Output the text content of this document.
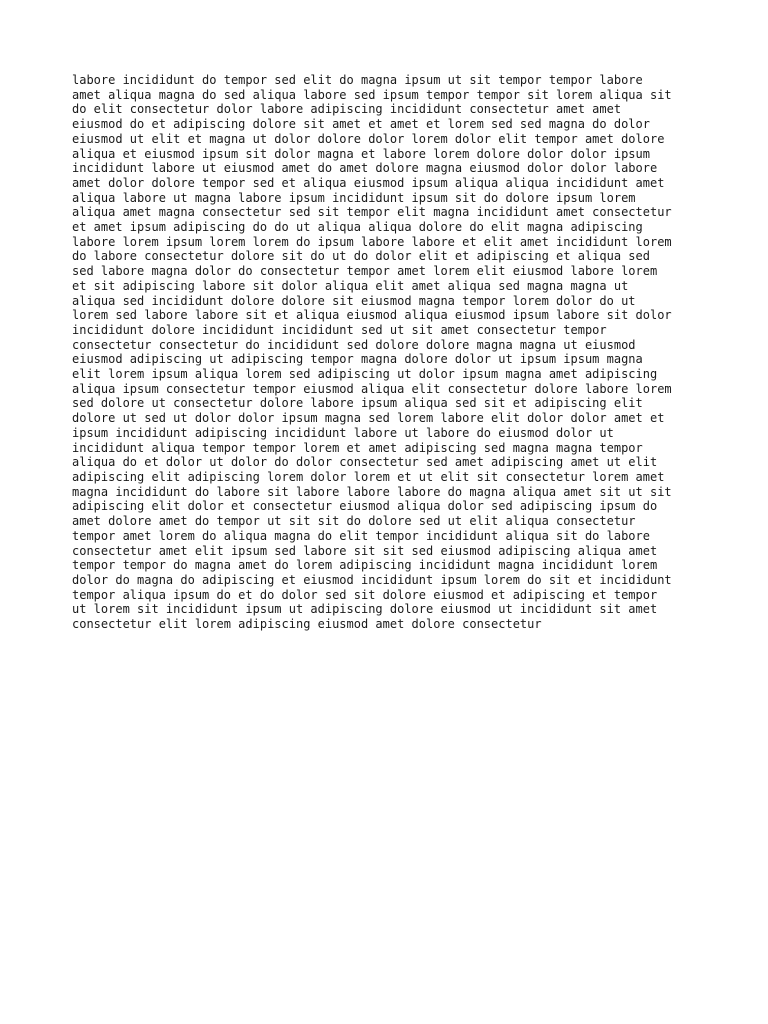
labore incididunt do tempor sed elit do magna ipsum ut sit tempor tempor labore
amet aliqua magna do sed aliqua labore sed ipsum tempor tempor sit lorem aliqua sit
do elit consectetur dolor labore adipiscing incididunt consectetur amet amet
eiusmod do et adipiscing dolore sit amet et amet et lorem sed sed magna do dolor
eiusmod ut elit et magna ut dolor dolore dolor lorem dolor elit tempor amet dolore
aliqua et eiusmod ipsum sit dolor magna et labore lorem dolore dolor dolor ipsum
incididunt labore ut eiusmod amet do amet dolore magna eiusmod dolor dolor labore
amet dolor dolore tempor sed et aliqua eiusmod ipsum aliqua aliqua incididunt amet
aliqua labore ut magna labore ipsum incididunt ipsum sit do dolore ipsum lorem
aliqua amet magna consectetur sed sit tempor elit magna incididunt amet consectetur
et amet ipsum adipiscing do do ut aliqua aliqua dolore do elit magna adipiscing
labore lorem ipsum lorem lorem do ipsum labore labore et elit amet incididunt lorem
do labore consectetur dolore sit do ut do dolor elit et adipiscing et aliqua sed
sed labore magna dolor do consectetur tempor amet lorem elit eiusmod labore lorem
et sit adipiscing labore sit dolor aliqua elit amet aliqua sed magna magna ut
aliqua sed incididunt dolore dolore sit eiusmod magna tempor lorem dolor do ut
lorem sed labore labore sit et aliqua eiusmod aliqua eiusmod ipsum labore sit dolor
incididunt dolore incididunt incididunt sed ut sit amet consectetur tempor
consectetur consectetur do incididunt sed dolore dolore magna magna ut eiusmod
eiusmod adipiscing ut adipiscing tempor magna dolore dolor ut ipsum ipsum magna
elit lorem ipsum aliqua lorem sed adipiscing ut dolor ipsum magna amet adipiscing
aliqua ipsum consectetur tempor eiusmod aliqua elit consectetur dolore labore lorem
sed dolore ut consectetur dolore labore ipsum aliqua sed sit et adipiscing elit
dolore ut sed ut dolor dolor ipsum magna sed lorem labore elit dolor dolor amet et
ipsum incididunt adipiscing incididunt labore ut labore do eiusmod dolor ut
incididunt aliqua tempor tempor lorem et amet adipiscing sed magna magna tempor
aliqua do et dolor ut dolor do dolor consectetur sed amet adipiscing amet ut elit
adipiscing elit adipiscing lorem dolor lorem et ut elit sit consectetur lorem amet
magna incididunt do labore sit labore labore labore do magna aliqua amet sit ut sit
adipiscing elit dolor et consectetur eiusmod aliqua dolor sed adipiscing ipsum do
amet dolore amet do tempor ut sit sit do dolore sed ut elit aliqua consectetur
tempor amet lorem do aliqua magna do elit tempor incididunt aliqua sit do labore
consectetur amet elit ipsum sed labore sit sit sed eiusmod adipiscing aliqua amet
tempor tempor do magna amet do lorem adipiscing incididunt magna incididunt lorem
dolor do magna do adipiscing et eiusmod incididunt ipsum lorem do sit et incididunt
tempor aliqua ipsum do et do dolor sed sit dolore eiusmod et adipiscing et tempor
ut lorem sit incididunt ipsum ut adipiscing dolore eiusmod ut incididunt sit amet
consectetur elit lorem adipiscing eiusmod amet dolore consectetur
